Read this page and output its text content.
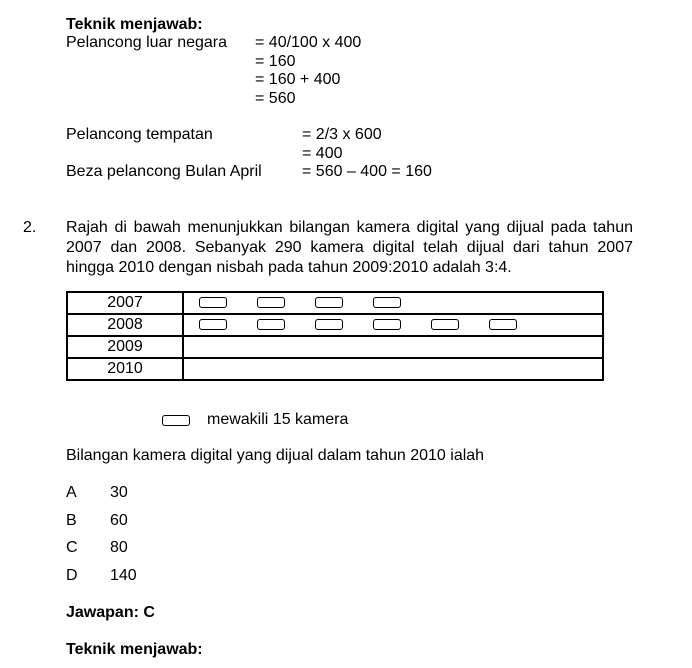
Teknik menjawab:
Pelancong luar negara = 40/100 x 400
= 160
= 160 + 400
= 560
Pelancong tempatan	= 2/3 x 600
= 400
Beza pelancong Bulan April	= 560 – 400 = 160
2. Rajah di bawah menunjukkan bilangan kamera digital yang dijual pada tahun 2007 dan 2008. Sebanyak 290 kamera digital telah dijual dari tahun 2007 hingga 2010 dengan nisbah pada tahun 2009:2010 adalah 3:4.
2007	

2008	

2009	
2010	
mewakili 15 kamera
Bilangan kamera digital yang dijual dalam tahun 2010 ialah
A 30
B 60
C 80
D 140
Jawapan: C
Teknik menjawab:
